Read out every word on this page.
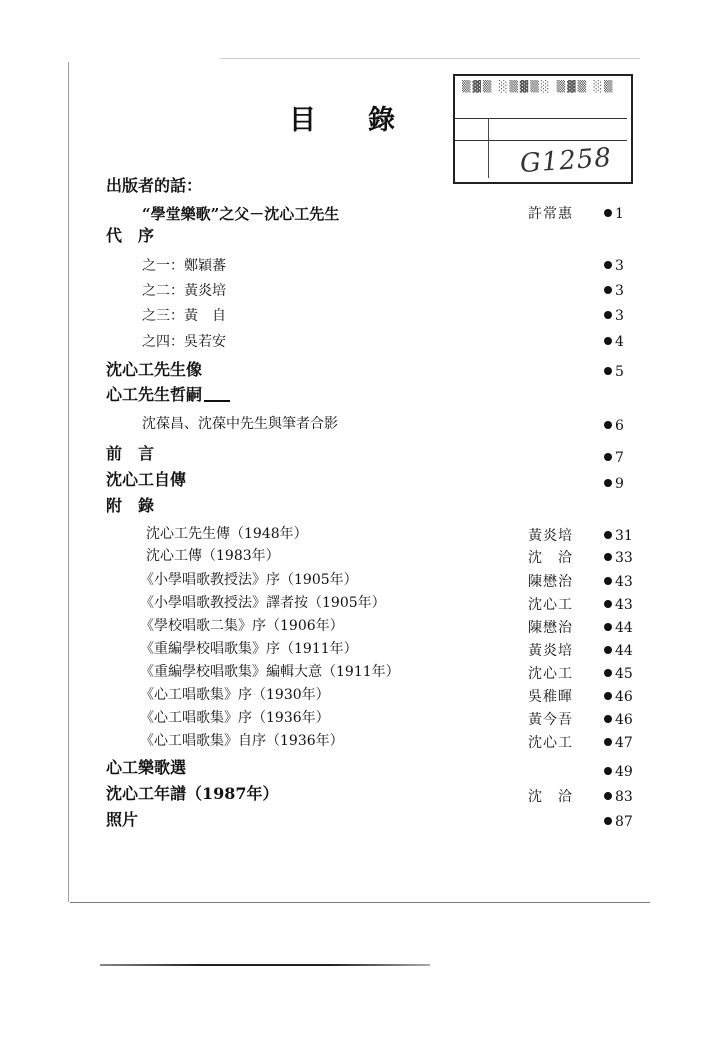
目 錄
▒▓▒ ░▒▓▒░ ▒▓▒ ░▒
G1258
出版者的話：
“學堂樂歌”之父－沈心工先生	許常惠	1
代　序
之一：鄭穎蕃	3
之二：黃炎培	3
之三：黃　自	3
之四：吳若安	4
沈心工先生像	5
心工先生哲嗣
沈葆昌、沈葆中先生與筆者合影	6
前　言	7
沈心工自傳	9
附　錄
沈心工先生傳（1948年）	黃炎培	31
沈心工傳（1983年）	沈　洽	33
《小學唱歌教授法》序（1905年）	陳懋治	43
《小學唱歌教授法》譯者按（1905年）	沈心工	43
《學校唱歌二集》序（1906年）	陳懋治	44
《重編學校唱歌集》序（1911年）	黃炎培	44
《重編學校唱歌集》編輯大意（1911年）	沈心工	45
《心工唱歌集》序（1930年）	吳稚暉	46
《心工唱歌集》序（1936年）	黃今吾	46
《心工唱歌集》自序（1936年）	沈心工	47
心工樂歌選	49
沈心工年譜（1987年）	沈　洽	83
照片	87
